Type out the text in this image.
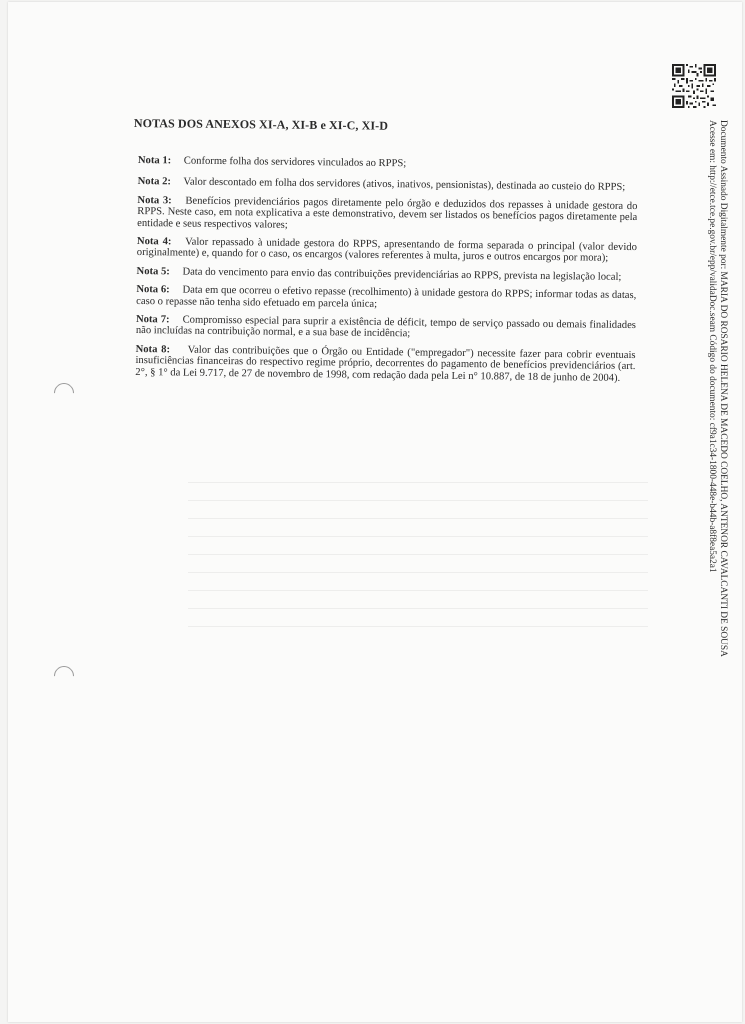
NOTAS DOS ANEXOS XI-A, XI-B e XI-C, XI-D
Nota 1: Conforme folha dos servidores vinculados ao RPPS;
Nota 2: Valor descontado em folha dos servidores (ativos, inativos, pensionistas), destinada ao custeio do RPPS;
Nota 3: Benefícios previdenciários pagos diretamente pelo órgão e deduzidos dos repasses à unidade gestora do RPPS. Neste caso, em nota explicativa a este demonstrativo, devem ser listados os benefícios pagos diretamente pela entidade e seus respectivos valores;
Nota 4: Valor repassado à unidade gestora do RPPS, apresentando de forma separada o principal (valor devido originalmente) e, quando for o caso, os encargos (valores referentes à multa, juros e outros encargos por mora);
Nota 5: Data do vencimento para envio das contribuições previdenciárias ao RPPS, prevista na legislação local;
Nota 6: Data em que ocorreu o efetivo repasse (recolhimento) à unidade gestora do RPPS; informar todas as datas, caso o repasse não tenha sido efetuado em parcela única;
Nota 7: Compromisso especial para suprir a existência de déficit, tempo de serviço passado ou demais finalidades não incluídas na contribuição normal, e a sua base de incidência;
Nota 8: Valor das contribuições que o Órgão ou Entidade ("empregador") necessite fazer para cobrir eventuais insuficiências financeiras do respectivo regime próprio, decorrentes do pagamento de benefícios previdenciários (art. 2°, § 1° da Lei 9.717, de 27 de novembro de 1998, com redação dada pela Lei n° 10.887, de 18 de junho de 2004).	Documento Assinado Digitalmente por: MARIA DO ROSARIO HELENA DE MACEDO COELHO, ANTENOR CAVALCANTI DE SOUSA
Acesse em: http://etce.tce.pe.gov.br/epp/validaDoc.seam Código do documento: cf9a1c34-1800-448e-b44b-a8f8ea5a2a1
